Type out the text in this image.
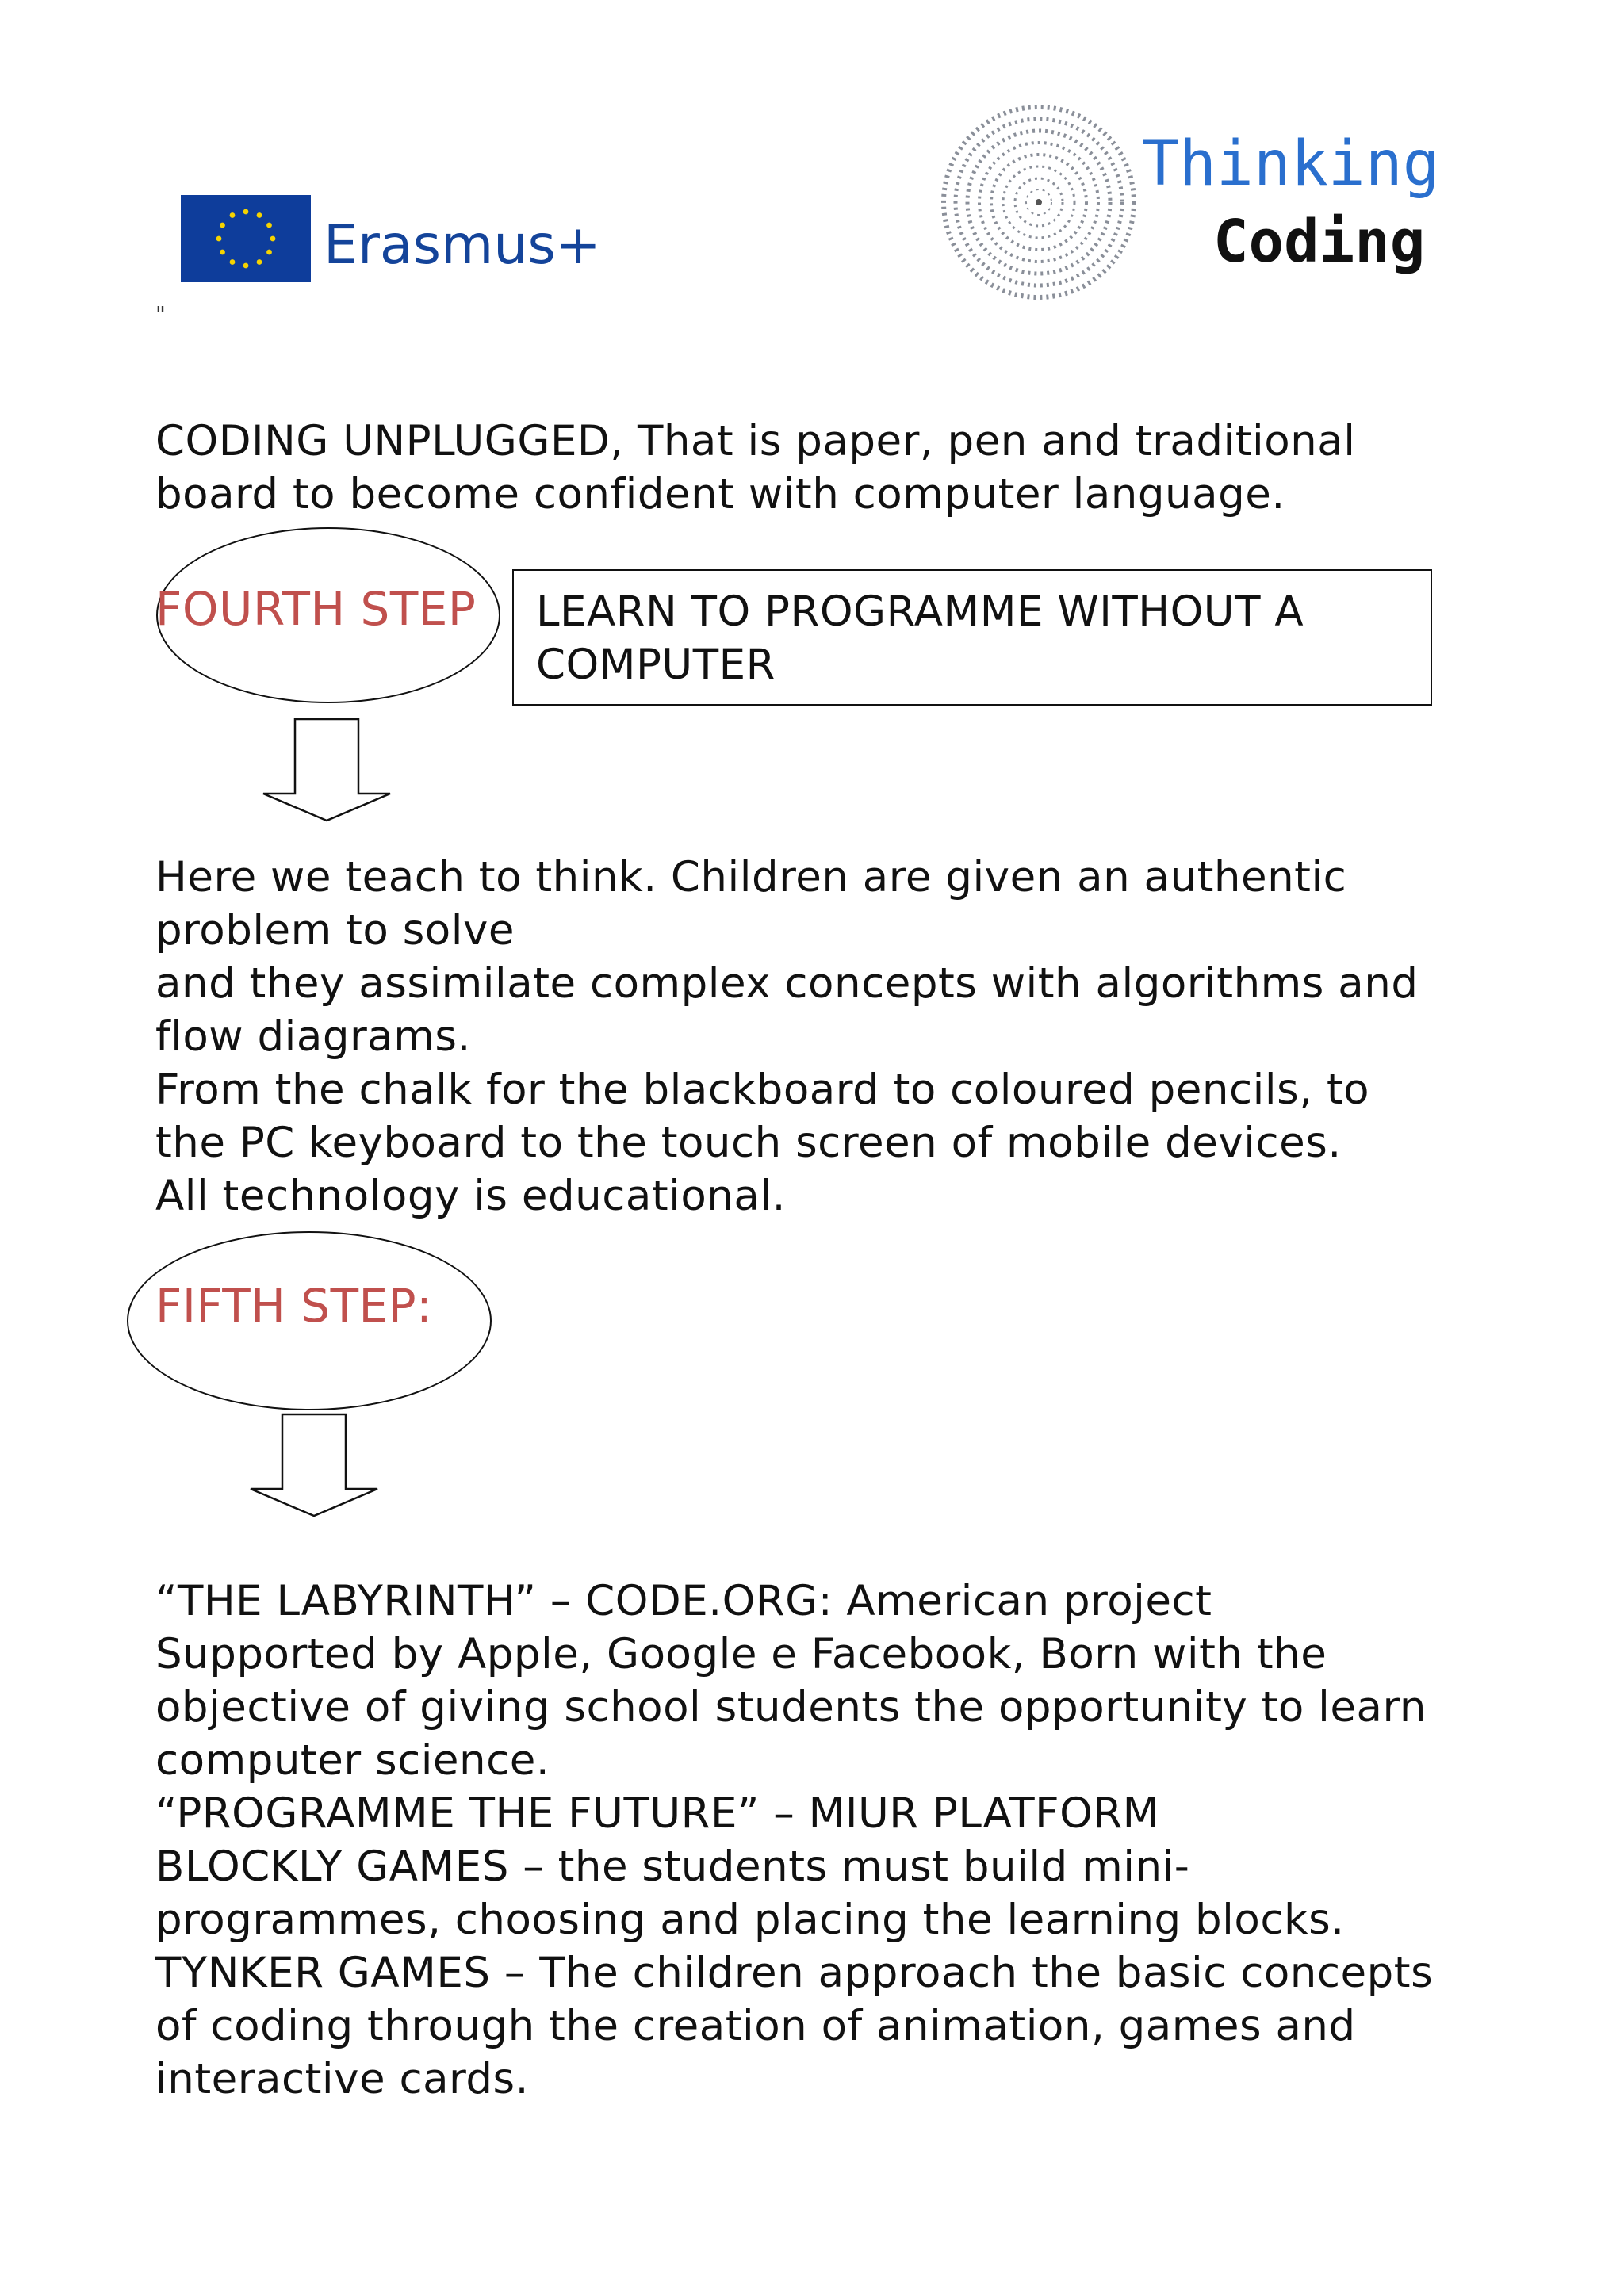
Erasmus+
Thinking
Coding
"
CODING UNPLUGGED, That is paper, pen and traditional
board to become confident with computer language.
FOURTH STEP LEARN TO PROGRAMME WITHOUT A
COMPUTER
Here we teach to think. Children are given an authentic
problem to solve
and they assimilate complex concepts with algorithms and
flow diagrams.
From the chalk for the blackboard to coloured pencils, to
the PC keyboard to the touch screen of mobile devices.
All technology is educational.
FIFTH STEP:
“THE LABYRINTH” – CODE.ORG: American project
Supported by Apple, Google e Facebook, Born with the
objective of giving school students the opportunity to learn
computer science.
“PROGRAMME THE FUTURE” – MIUR PLATFORM
BLOCKLY GAMES – the students must build mini-
programmes, choosing and placing the learning blocks.
TYNKER GAMES – The children approach the basic concepts
of coding through the creation of animation, games and
interactive cards.
